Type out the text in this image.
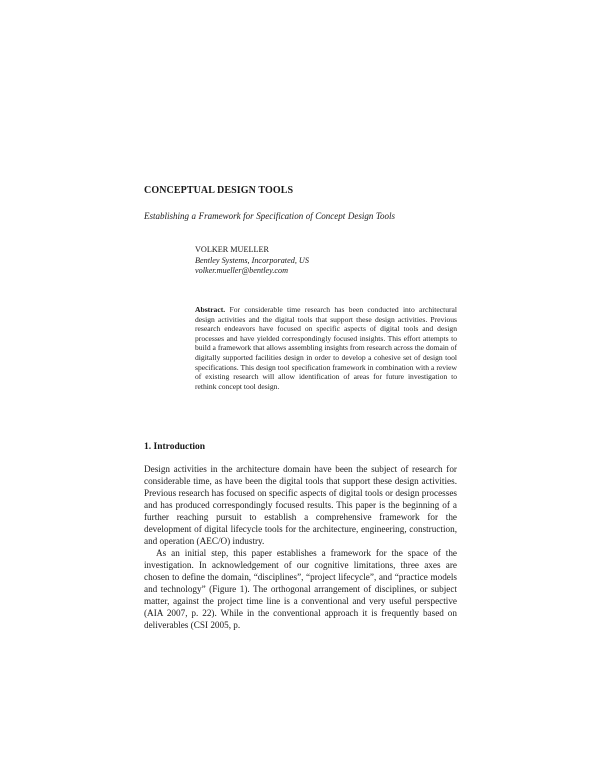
CONCEPTUAL DESIGN TOOLS
Establishing a Framework for Specification of Concept Design Tools
VOLKER MUELLER
Bentley Systems, Incorporated, US
volker.mueller@bentley.com

Abstract. For considerable time research has been conducted into architectural design activities and the digital tools that support these design activities. Previous research endeavors have focused on specific aspects of digital tools and design processes and have yielded correspondingly focused insights. This effort attempts to build a framework that allows assembling insights from research across the domain of digitally supported facilities design in order to develop a cohesive set of design tool specifications. This design tool specification framework in combination with a review of existing research will allow identification of areas for future investigation to rethink concept tool design.

1. Introduction

Design activities in the architecture domain have been the subject of research for considerable time, as have been the digital tools that support these design activities. Previous research has focused on specific aspects of digital tools or design processes and has produced correspondingly focused results. This paper is the beginning of a further reaching pursuit to establish a comprehensive framework for the development of digital lifecycle tools for the architecture, engineering, construction, and operation (AEC/O) industry.

As an initial step, this paper establishes a framework for the space of the investigation. In acknowledgement of our cognitive limitations, three axes are chosen to define the domain, “disciplines”, “project lifecycle”, and “practice models and technology” (Figure 1). The orthogonal arrangement of disciplines, or subject matter, against the project time line is a conventional and very useful perspective (AIA 2007, p. 22). While in the conventional approach it is frequently based on deliverables (CSI 2005, p.
